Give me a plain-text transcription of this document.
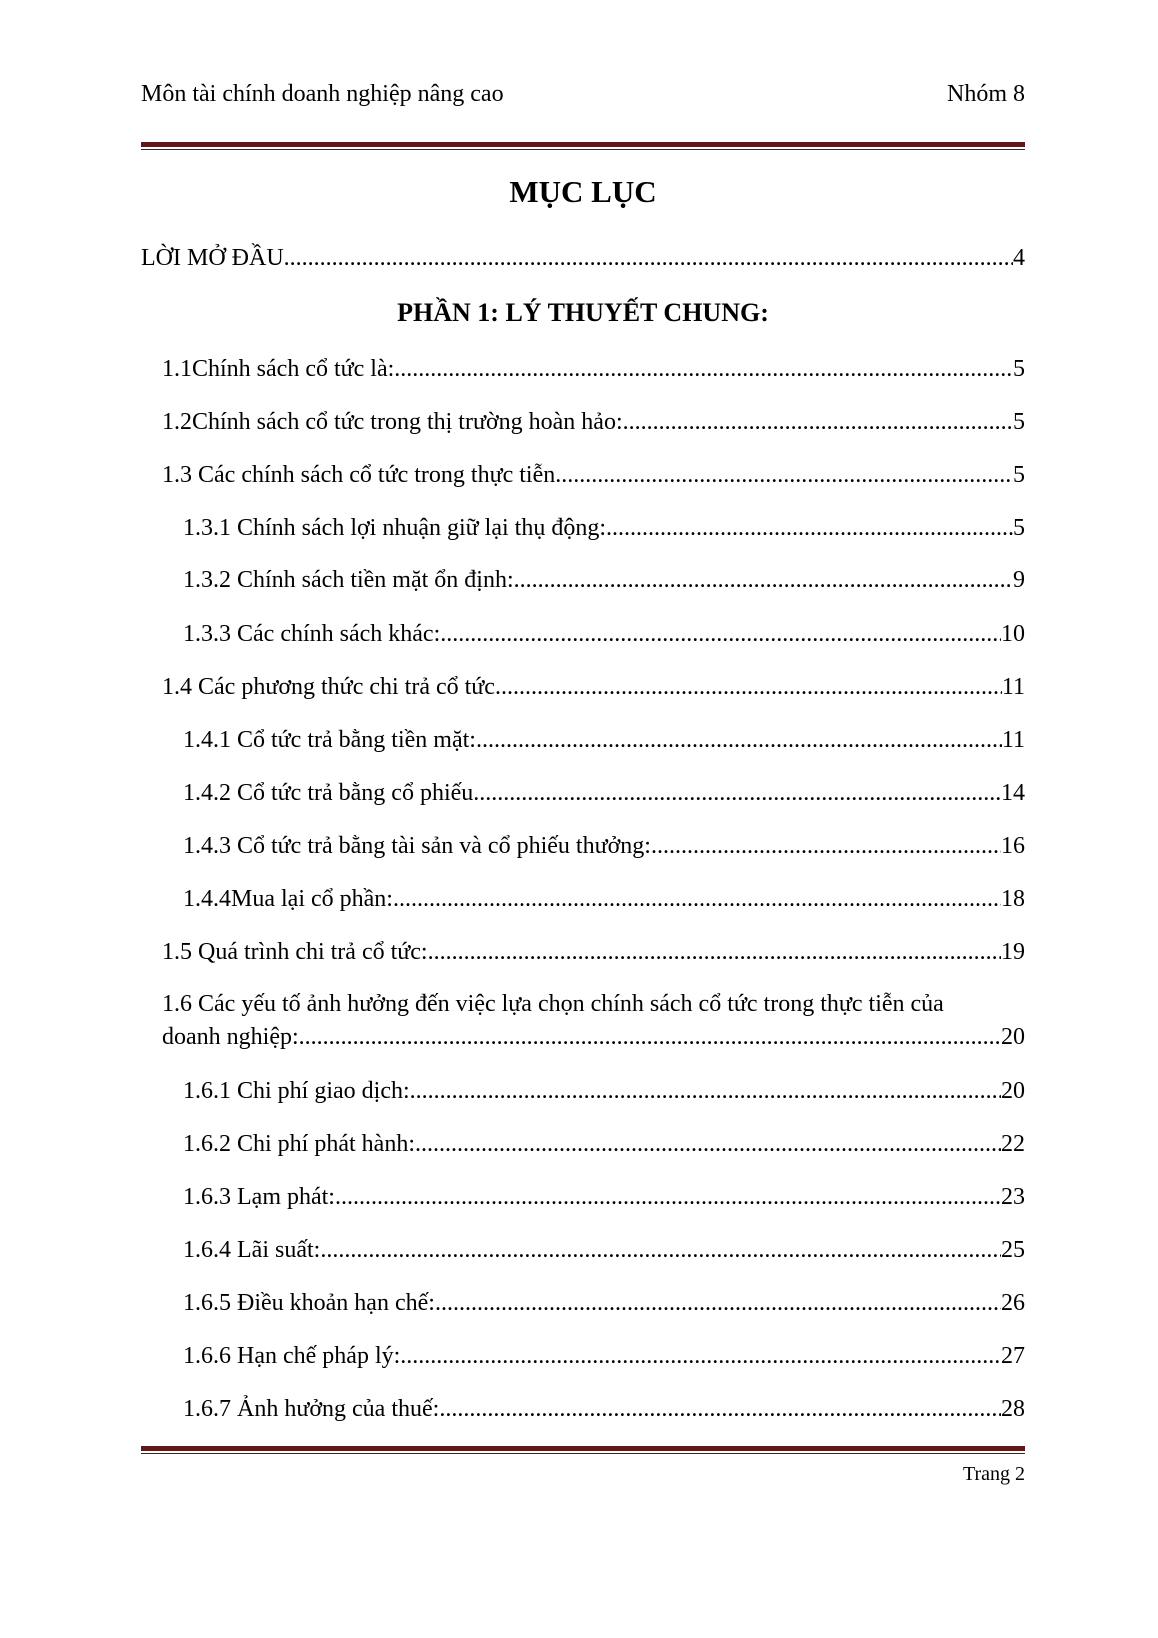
Môn tài chính doanh nghiệp nâng cao	Nhóm 8
MỤC LỤC
LỜI MỞ ĐẦU .....	4
PHẦN 1: LÝ THUYẾT CHUNG:
1.1 Chính sách cổ tức là: .....	5
1.2 Chính sách cổ tức trong thị trường hoàn hảo: .....	5
1.3 Các chính sách cổ tức trong thực tiễn .....	5
1.3.1 Chính sách lợi nhuận giữ lại thụ động: .....	5
1.3.2 Chính sách tiền mặt ổn định: .....	9
1.3.3 Các chính sách khác: .....	10
1.4 Các phương thức chi trả cổ tức .....	11
1.4.1 Cổ tức trả bằng tiền mặt: .....	11
1.4.2 Cổ tức trả bằng cổ phiếu .....	14
1.4.3 Cổ tức trả bằng tài sản và cổ phiếu thưởng: .....	16
1.4.4 Mua lại cổ phần: .....	18
1.5 Quá trình chi trả cổ tức: .....	19
1.6 Các yếu tố ảnh hưởng đến việc lựa chọn chính sách cổ tức trong thực tiễn của
doanh nghiệp: .....	20
1.6.1 Chi phí giao dịch: .....	20
1.6.2 Chi phí phát hành: .....	22
1.6.3 Lạm phát: .....	23
1.6.4 Lãi suất: .....	25
1.6.5 Điều khoản hạn chế: .....	26
1.6.6 Hạn chế pháp lý: .....	27
1.6.7 Ảnh hưởng của thuế: .....	28
Trang 2
